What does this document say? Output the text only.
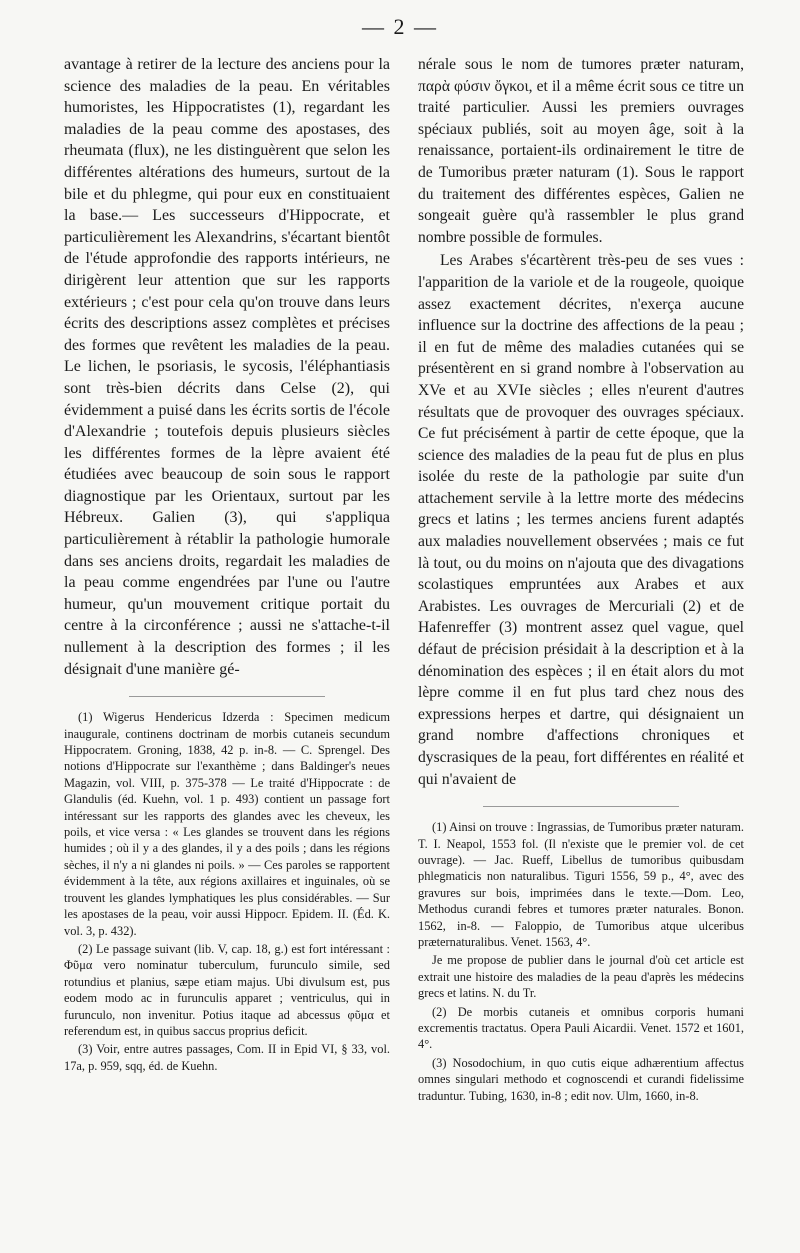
— 2 —

avantage à retirer de la lecture des anciens pour la science des maladies de la peau. En véritables humoristes, les Hippocratistes (1), regardant les maladies de la peau comme des apostases, des rheumata (flux), ne les distinguèrent que selon les différentes altérations des humeurs, surtout de la bile et du phlegme, qui pour eux en constituaient la base.— Les successeurs d'Hippocrate, et particulièrement les Alexandrins, s'écartant bientôt de l'étude approfondie des rapports intérieurs, ne dirigèrent leur attention que sur les rapports extérieurs ; c'est pour cela qu'on trouve dans leurs écrits des descriptions assez complètes et précises des formes que revêtent les maladies de la peau. Le lichen, le psoriasis, le sycosis, l'éléphantiasis sont très-bien décrits dans Celse (2), qui évidemment a puisé dans les écrits sortis de l'école d'Alexandrie ; toutefois depuis plusieurs siècles les différentes formes de la lèpre avaient été étudiées avec beaucoup de soin sous le rapport diagnostique par les Orientaux, surtout par les Hébreux. Galien (3), qui s'appliqua particulièrement à rétablir la pathologie humorale dans ses anciens droits, regardait les maladies de la peau comme engendrées par l'une ou l'autre humeur, qu'un mouvement critique portait du centre à la circonférence ; aussi ne s'attache-t-il nullement à la description des formes ; il les désignait d'une manière gé-

(1) Wigerus Hendericus Idzerda : Specimen medicum inaugurale, continens doctrinam de morbis cutaneis secundum Hippocratem. Groning, 1838, 42 p. in-8. — C. Sprengel. Des notions d'Hippocrate sur l'exanthème ; dans Baldinger's neues Magazin, vol. VIII, p. 375-378 — Le traité d'Hippocrate : de Glandulis (éd. Kuehn, vol. 1 p. 493) contient un passage fort intéressant sur les rapports des glandes avec les cheveux, les poils, et vice versa : « Les glandes se trouvent dans les régions humides ; où il y a des glandes, il y a des poils ; dans les régions sèches, il n'y a ni glandes ni poils. » — Ces paroles se rapportent évidemment à la tête, aux régions axillaires et inguinales, où se trouvent les glandes lymphatiques les plus considérables. — Sur les apostases de la peau, voir aussi Hippocr. Epidem. II. (Éd. K. vol. 3, p. 432).

(2) Le passage suivant (lib. V, cap. 18, g.) est fort intéressant : Φῦμα vero nominatur tuberculum, furunculo simile, sed rotundius et planius, sæpe etiam majus. Ubi divulsum est, pus eodem modo ac in furunculis apparet ; ventriculus, qui in furunculo, non invenitur. Potius itaque ad abcessus φῦμα et referendum est, in quibus saccus proprius deficit.

(3) Voir, entre autres passages, Com. II in Epid VI, § 33, vol. 17a, p. 959, sqq, éd. de Kuehn.

nérale sous le nom de tumores præter naturam, παρὰ φύσιν ὄγκοι, et il a même écrit sous ce titre un traité particulier. Aussi les premiers ouvrages spéciaux publiés, soit au moyen âge, soit à la renaissance, portaient-ils ordinairement le titre de de Tumoribus præter naturam (1). Sous le rapport du traitement des différentes espèces, Galien ne songeait guère qu'à rassembler le plus grand nombre possible de formules.

Les Arabes s'écartèrent très-peu de ses vues : l'apparition de la variole et de la rougeole, quoique assez exactement décrites, n'exerça aucune influence sur la doctrine des affections de la peau ; il en fut de même des maladies cutanées qui se présentèrent en si grand nombre à l'observation au XVe et au XVIe siècles ; elles n'eurent d'autres résultats que de provoquer des ouvrages spéciaux. Ce fut précisément à partir de cette époque, que la science des maladies de la peau fut de plus en plus isolée du reste de la pathologie par suite d'un attachement servile à la lettre morte des médecins grecs et latins ; les termes anciens furent adaptés aux maladies nouvellement observées ; mais ce fut là tout, ou du moins on n'ajouta que des divagations scolastiques empruntées aux Arabes et aux Arabistes. Les ouvrages de Mercuriali (2) et de Hafenreffer (3) montrent assez quel vague, quel défaut de précision présidait à la description et à la dénomination des espèces ; il en était alors du mot lèpre comme il en fut plus tard chez nous des expressions herpes et dartre, qui désignaient un grand nombre d'affections chroniques et dyscrasiques de la peau, fort différentes en réalité et qui n'avaient de

(1) Ainsi on trouve : Ingrassias, de Tumoribus præter naturam. T. I. Neapol, 1553 fol. (Il n'existe que le premier vol. de cet ouvrage). — Jac. Rueff, Libellus de tumoribus quibusdam phlegmaticis non naturalibus. Tiguri 1556, 59 p., 4°, avec des gravures sur bois, imprimées dans le texte.—Dom. Leo, Methodus curandi febres et tumores præter naturales. Bonon. 1562, in-8. — Faloppio, de Tumoribus atque ulceribus præternaturalibus. Venet. 1563, 4°.

Je me propose de publier dans le journal d'où cet article est extrait une histoire des maladies de la peau d'après les médecins grecs et latins. N. du Tr.

(2) De morbis cutaneis et omnibus corporis humani excrementis tractatus. Opera Pauli Aicardii. Venet. 1572 et 1601, 4°.

(3) Nosodochium, in quo cutis eique adhærentium affectus omnes singulari methodo et cognoscendi et curandi fidelissime traduntur. Tubing, 1630, in-8 ; edit nov. Ulm, 1660, in-8.
